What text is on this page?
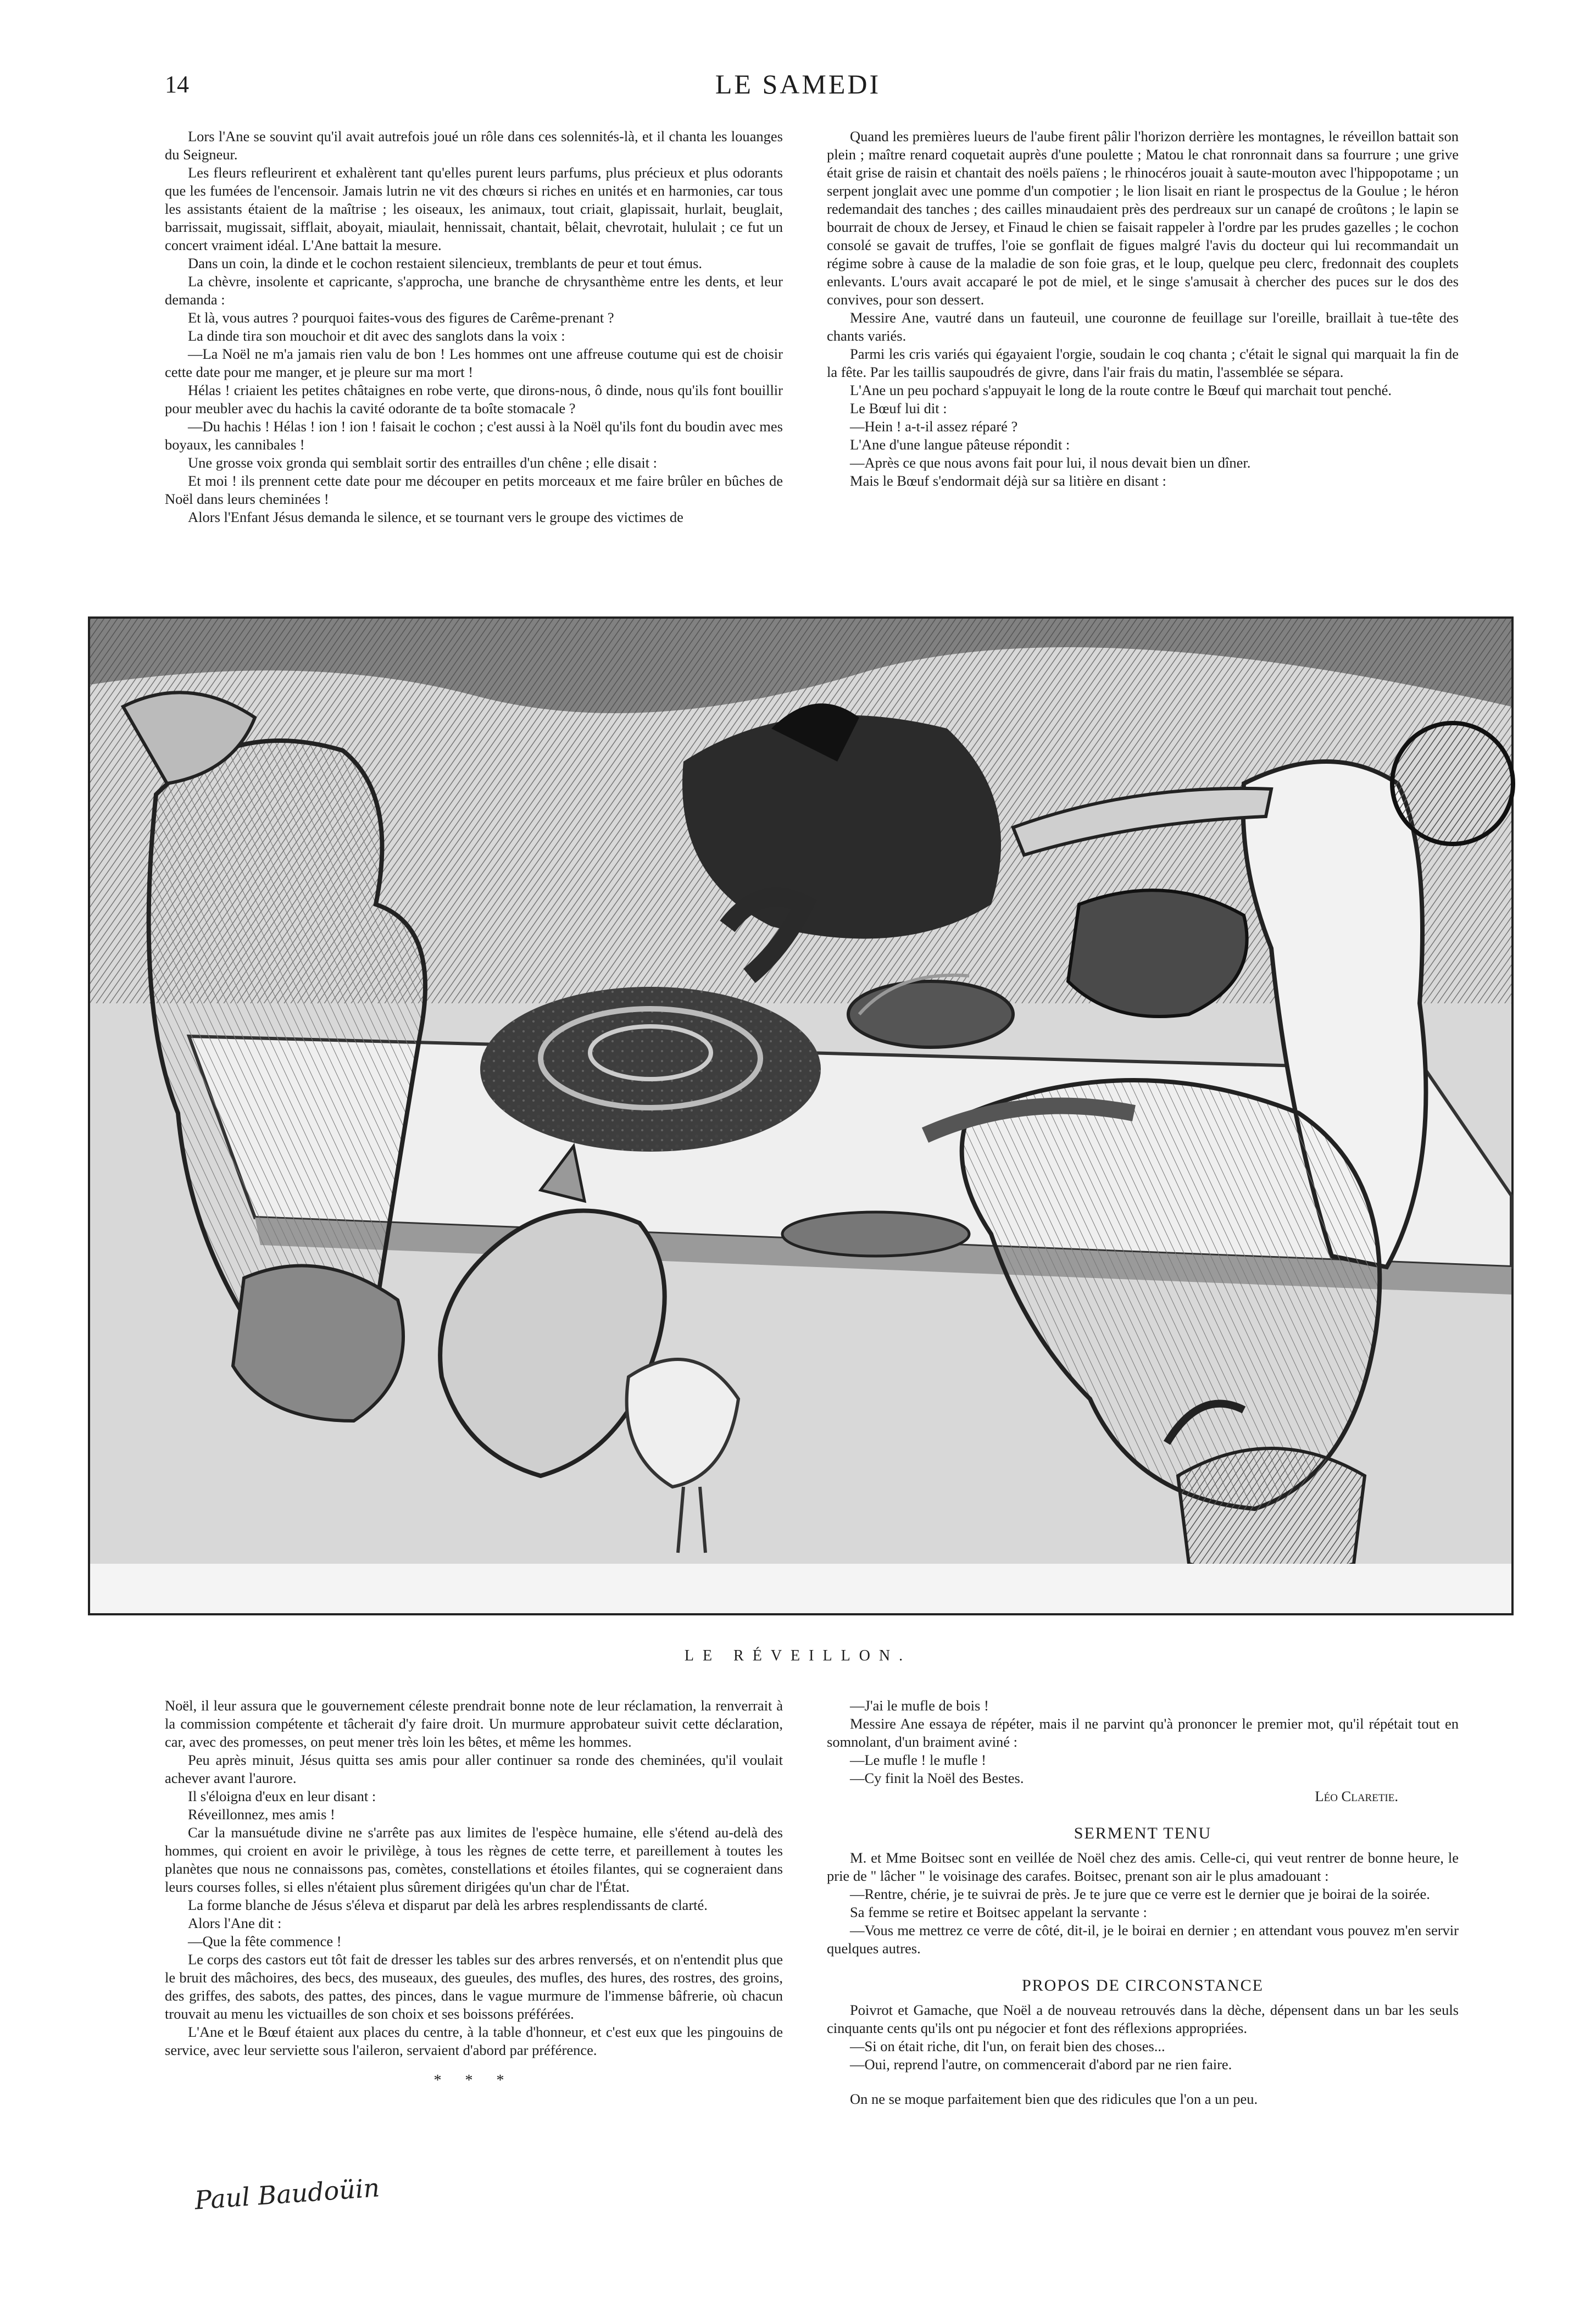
14	LE SAMEDI

Lors l'Ane se souvint qu'il avait autrefois joué un rôle dans ces solennités-là, et il chanta les louanges du Seigneur.

Les fleurs refleurirent et exhalèrent tant qu'elles purent leurs parfums, plus précieux et plus odorants que les fumées de l'encensoir. Jamais lutrin ne vit des chœurs si riches en unités et en harmonies, car tous les assistants étaient de la maîtrise ; les oiseaux, les animaux, tout criait, glapissait, hurlait, beuglait, barrissait, mugissait, sifflait, aboyait, miaulait, hennissait, chantait, bêlait, chevrotait, hululait ; ce fut un concert vraiment idéal. L'Ane battait la mesure.

Dans un coin, la dinde et le cochon restaient silencieux, tremblants de peur et tout émus.

La chèvre, insolente et capricante, s'approcha, une branche de chrysanthème entre les dents, et leur demanda :

Et là, vous autres ? pourquoi faites-vous des figures de Carême-prenant ?

La dinde tira son mouchoir et dit avec des sanglots dans la voix :

—La Noël ne m'a jamais rien valu de bon ! Les hommes ont une affreuse coutume qui est de choisir cette date pour me manger, et je pleure sur ma mort !

Hélas ! criaient les petites châtaignes en robe verte, que dirons-nous, ô dinde, nous qu'ils font bouillir pour meubler avec du hachis la cavité odorante de ta boîte stomacale ?

—Du hachis ! Hélas ! ion ! ion ! faisait le cochon ; c'est aussi à la Noël qu'ils font du boudin avec mes boyaux, les cannibales !

Une grosse voix gronda qui semblait sortir des entrailles d'un chêne ; elle disait :

Et moi ! ils prennent cette date pour me découper en petits morceaux et me faire brûler en bûches de Noël dans leurs cheminées !

Alors l'Enfant Jésus demanda le silence, et se tournant vers le groupe des victimes de

Quand les premières lueurs de l'aube firent pâlir l'horizon derrière les montagnes, le réveillon battait son plein ; maître renard coquetait auprès d'une poulette ; Matou le chat ronronnait dans sa fourrure ; une grive était grise de raisin et chantait des noëls païens ; le rhinocéros jouait à saute-mouton avec l'hippopotame ; un serpent jonglait avec une pomme d'un compotier ; le lion lisait en riant le prospectus de la Goulue ; le héron redemandait des tanches ; des cailles minaudaient près des perdreaux sur un canapé de croûtons ; le lapin se bourrait de choux de Jersey, et Finaud le chien se faisait rappeler à l'ordre par les prudes gazelles ; le cochon consolé se gavait de truffes, l'oie se gonflait de figues malgré l'avis du docteur qui lui recommandait un régime sobre à cause de la maladie de son foie gras, et le loup, quelque peu clerc, fredonnait des couplets enlevants. L'ours avait accaparé le pot de miel, et le singe s'amusait à chercher des puces sur le dos des convives, pour son dessert.

Messire Ane, vautré dans un fauteuil, une couronne de feuillage sur l'oreille, braillait à tue-tête des chants variés.

Parmi les cris variés qui égayaient l'orgie, soudain le coq chanta ; c'était le signal qui marquait la fin de la fête. Par les taillis saupoudrés de givre, dans l'air frais du matin, l'assemblée se sépara.

L'Ane un peu pochard s'appuyait le long de la route contre le Bœuf qui marchait tout penché.

Le Bœuf lui dit :

—Hein ! a-t-il assez réparé ?

L'Ane d'une langue pâteuse répondit :

—Après ce que nous avons fait pour lui, il nous devait bien un dîner.

Mais le Bœuf s'endormait déjà sur sa litière en disant :

Paul Baudoüin
LE RÉVEILLON.

Noël, il leur assura que le gouvernement céleste prendrait bonne note de leur réclamation, la renverrait à la commission compétente et tâcherait d'y faire droit. Un murmure approbateur suivit cette déclaration, car, avec des promesses, on peut mener très loin les bêtes, et même les hommes.

Peu après minuit, Jésus quitta ses amis pour aller continuer sa ronde des cheminées, qu'il voulait achever avant l'aurore.

Il s'éloigna d'eux en leur disant :

Réveillonnez, mes amis !

Car la mansuétude divine ne s'arrête pas aux limites de l'espèce humaine, elle s'étend au-delà des hommes, qui croient en avoir le privilège, à tous les règnes de cette terre, et pareillement à toutes les planètes que nous ne connaissons pas, comètes, constellations et étoiles filantes, qui se cogneraient dans leurs courses folles, si elles n'étaient plus sûrement dirigées qu'un char de l'État.

La forme blanche de Jésus s'éleva et disparut par delà les arbres resplendissants de clarté.

Alors l'Ane dit :

—Que la fête commence !

Le corps des castors eut tôt fait de dresser les tables sur des arbres renversés, et on n'entendit plus que le bruit des mâchoires, des becs, des museaux, des gueules, des mufles, des hures, des rostres, des groins, des griffes, des sabots, des pattes, des pinces, dans le vague murmure de l'immense bâfrerie, où chacun trouvait au menu les victuailles de son choix et ses boissons préférées.

L'Ane et le Bœuf étaient aux places du centre, à la table d'honneur, et c'est eux que les pingouins de service, avec leur serviette sous l'aileron, servaient d'abord par préférence.

* * *

—J'ai le mufle de bois !

Messire Ane essaya de répéter, mais il ne parvint qu'à prononcer le premier mot, qu'il répétait tout en somnolant, d'un braiment aviné :

—Le mufle ! le mufle !

—Cy finit la Noël des Bestes.

Léo Claretie.

SERMENT TENU

M. et Mme Boitsec sont en veillée de Noël chez des amis. Celle-ci, qui veut rentrer de bonne heure, le prie de " lâcher " le voisinage des carafes. Boitsec, prenant son air le plus amadouant :

—Rentre, chérie, je te suivrai de près. Je te jure que ce verre est le dernier que je boirai de la soirée.

Sa femme se retire et Boitsec appelant la servante :

—Vous me mettrez ce verre de côté, dit-il, je le boirai en dernier ; en attendant vous pouvez m'en servir quelques autres.

PROPOS DE CIRCONSTANCE

Poivrot et Gamache, que Noël a de nouveau retrouvés dans la dèche, dépensent dans un bar les seuls cinquante cents qu'ils ont pu négocier et font des réflexions appropriées.

—Si on était riche, dit l'un, on ferait bien des choses...

—Oui, reprend l'autre, on commencerait d'abord par ne rien faire.

On ne se moque parfaitement bien que des ridicules que l'on a un peu.
